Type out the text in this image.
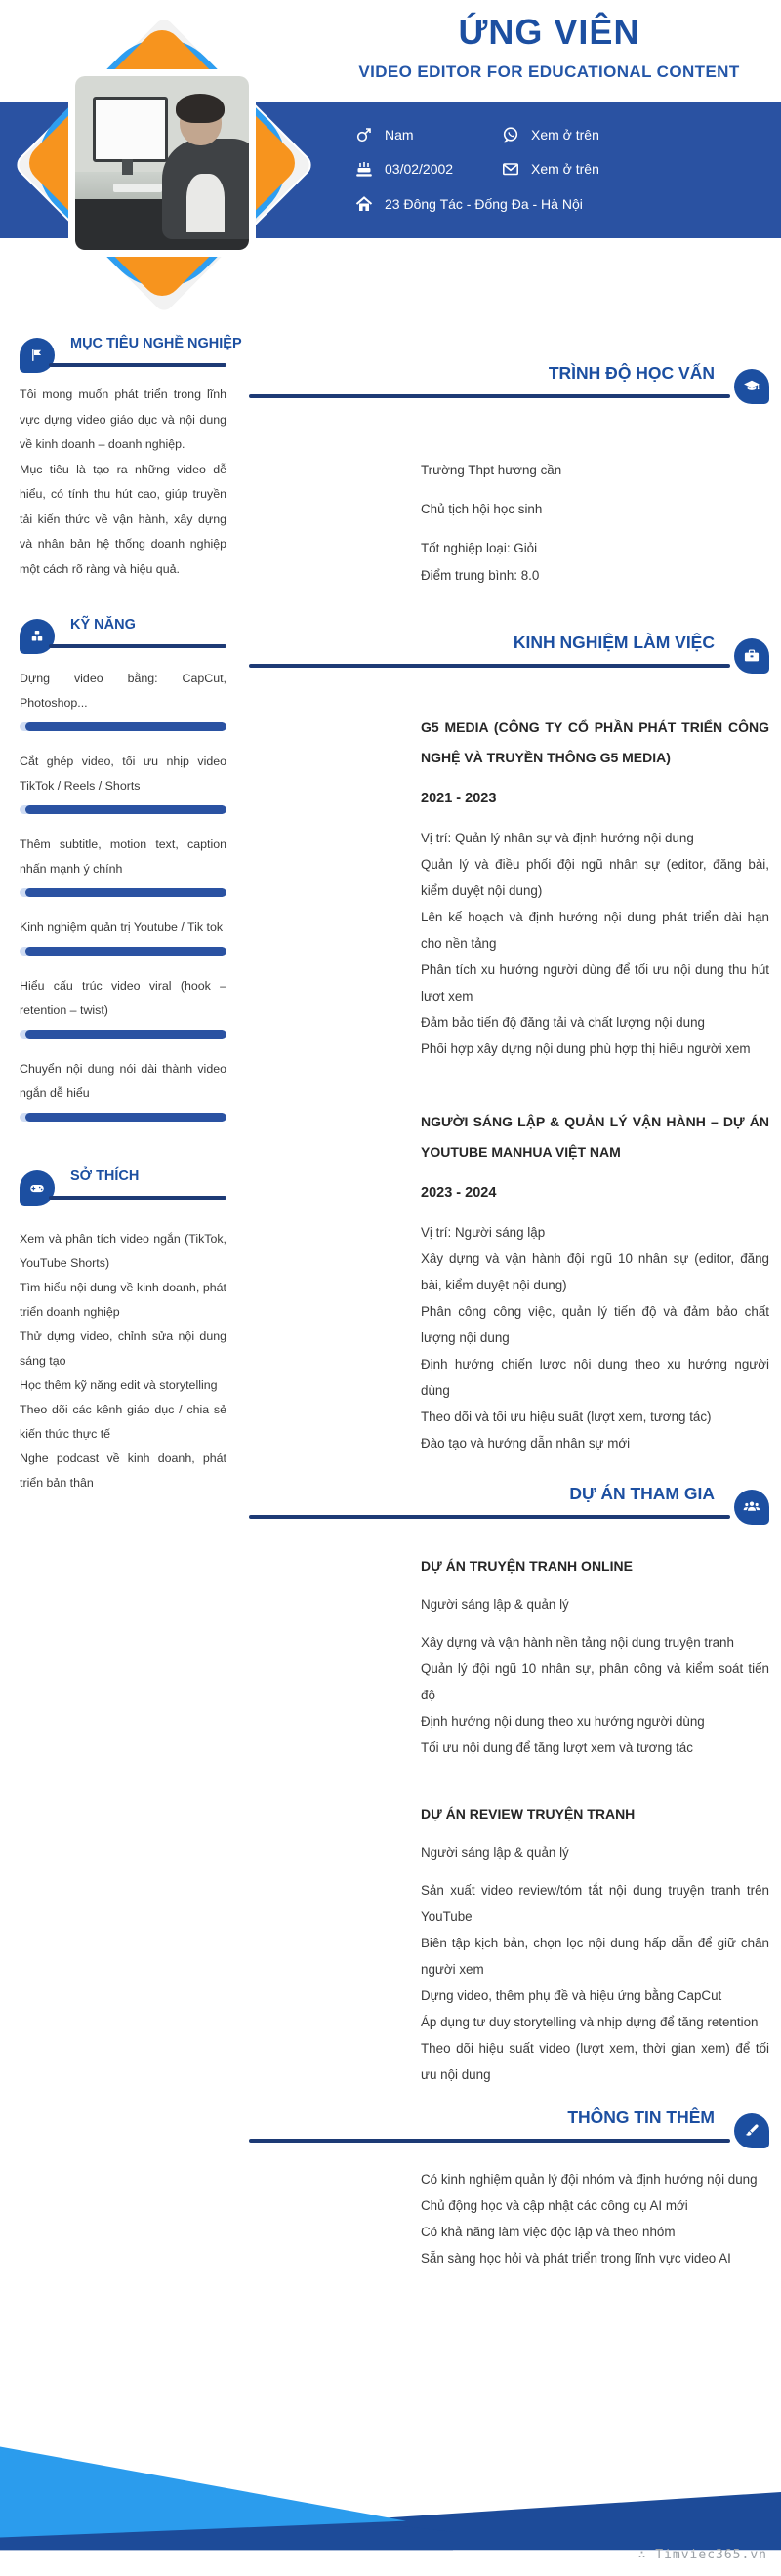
ỨNG VIÊN
VIDEO EDITOR FOR EDUCATIONAL CONTENT
Nam
03/02/2002
23 Đông Tác - Đống Đa - Hà Nội
Xem ở trên
Xem ở trên
MỤC TIÊU NGHỀ NGHIỆP
Tôi mong muốn phát triển trong lĩnh vực dựng video giáo dục và nội dung về kinh doanh – doanh nghiệp.
Mục tiêu là tạo ra những video dễ hiểu, có tính thu hút cao, giúp truyền tải kiến thức về vận hành, xây dựng và nhân bản hệ thống doanh nghiệp một cách rõ ràng và hiệu quả.
KỸ NĂNG
Dựng video bằng: CapCut, Photoshop...
Cắt ghép video, tối ưu nhịp video TikTok / Reels / Shorts
Thêm subtitle, motion text, caption nhấn mạnh ý chính
Kinh nghiệm quản trị Youtube / Tik tok
Hiểu cấu trúc video viral (hook – retention – twist)
Chuyển nội dung nói dài thành video ngắn dễ hiểu
SỞ THÍCH
Xem và phân tích video ngắn (TikTok, YouTube Shorts)
Tìm hiểu nội dung về kinh doanh, phát triển doanh nghiệp
Thử dựng video, chỉnh sửa nội dung sáng tạo
Học thêm kỹ năng edit và storytelling
Theo dõi các kênh giáo dục / chia sẻ kiến thức thực tế
Nghe podcast về kinh doanh, phát triển bản thân
TRÌNH ĐỘ HỌC VẤN
Trường Thpt hương cần
Chủ tịch hội học sinh
Tốt nghiệp loại: Giỏi
Điểm trung bình: 8.0
KINH NGHIỆM LÀM VIỆC
G5 MEDIA (CÔNG TY CỔ PHẦN PHÁT TRIỂN CÔNG NGHỆ VÀ TRUYỀN THÔNG G5 MEDIA)
2021 - 2023
Vị trí: Quản lý nhân sự và định hướng nội dung
Quản lý và điều phối đội ngũ nhân sự (editor, đăng bài, kiểm duyệt nội dung)
Lên kế hoạch và định hướng nội dung phát triển dài hạn cho nền tảng
Phân tích xu hướng người dùng để tối ưu nội dung thu hút lượt xem
Đảm bảo tiến độ đăng tải và chất lượng nội dung
Phối hợp xây dựng nội dung phù hợp thị hiếu người xem
NGƯỜI SÁNG LẬP & QUẢN LÝ VẬN HÀNH – DỰ ÁN YOUTUBE MANHUA VIỆT NAM
2023 - 2024
Vị trí: Người sáng lập
Xây dựng và vận hành đội ngũ 10 nhân sự (editor, đăng bài, kiểm duyệt nội dung)
Phân công công việc, quản lý tiến độ và đảm bảo chất lượng nội dung
Định hướng chiến lược nội dung theo xu hướng người dùng
Theo dõi và tối ưu hiệu suất (lượt xem, tương tác)
Đào tạo và hướng dẫn nhân sự mới
DỰ ÁN THAM GIA
DỰ ÁN TRUYỆN TRANH ONLINE
Người sáng lập & quản lý
Xây dựng và vận hành nền tảng nội dung truyện tranh
Quản lý đội ngũ 10 nhân sự, phân công và kiểm soát tiến độ
Định hướng nội dung theo xu hướng người dùng
Tối ưu nội dung để tăng lượt xem và tương tác
DỰ ÁN REVIEW TRUYỆN TRANH
Người sáng lập & quản lý
Sản xuất video review/tóm tắt nội dung truyện tranh trên YouTube
Biên tập kịch bản, chọn lọc nội dung hấp dẫn để giữ chân người xem
Dựng video, thêm phụ đề và hiệu ứng bằng CapCut
Áp dụng tư duy storytelling và nhịp dựng để tăng retention
Theo dõi hiệu suất video (lượt xem, thời gian xem) để tối ưu nội dung
THÔNG TIN THÊM
Có kinh nghiệm quản lý đội nhóm và định hướng nội dung
Chủ động học và cập nhật các công cụ AI mới
Có khả năng làm việc độc lập và theo nhóm
Sẵn sàng học hỏi và phát triển trong lĩnh vực video AI
∴ Timviec365.vn
